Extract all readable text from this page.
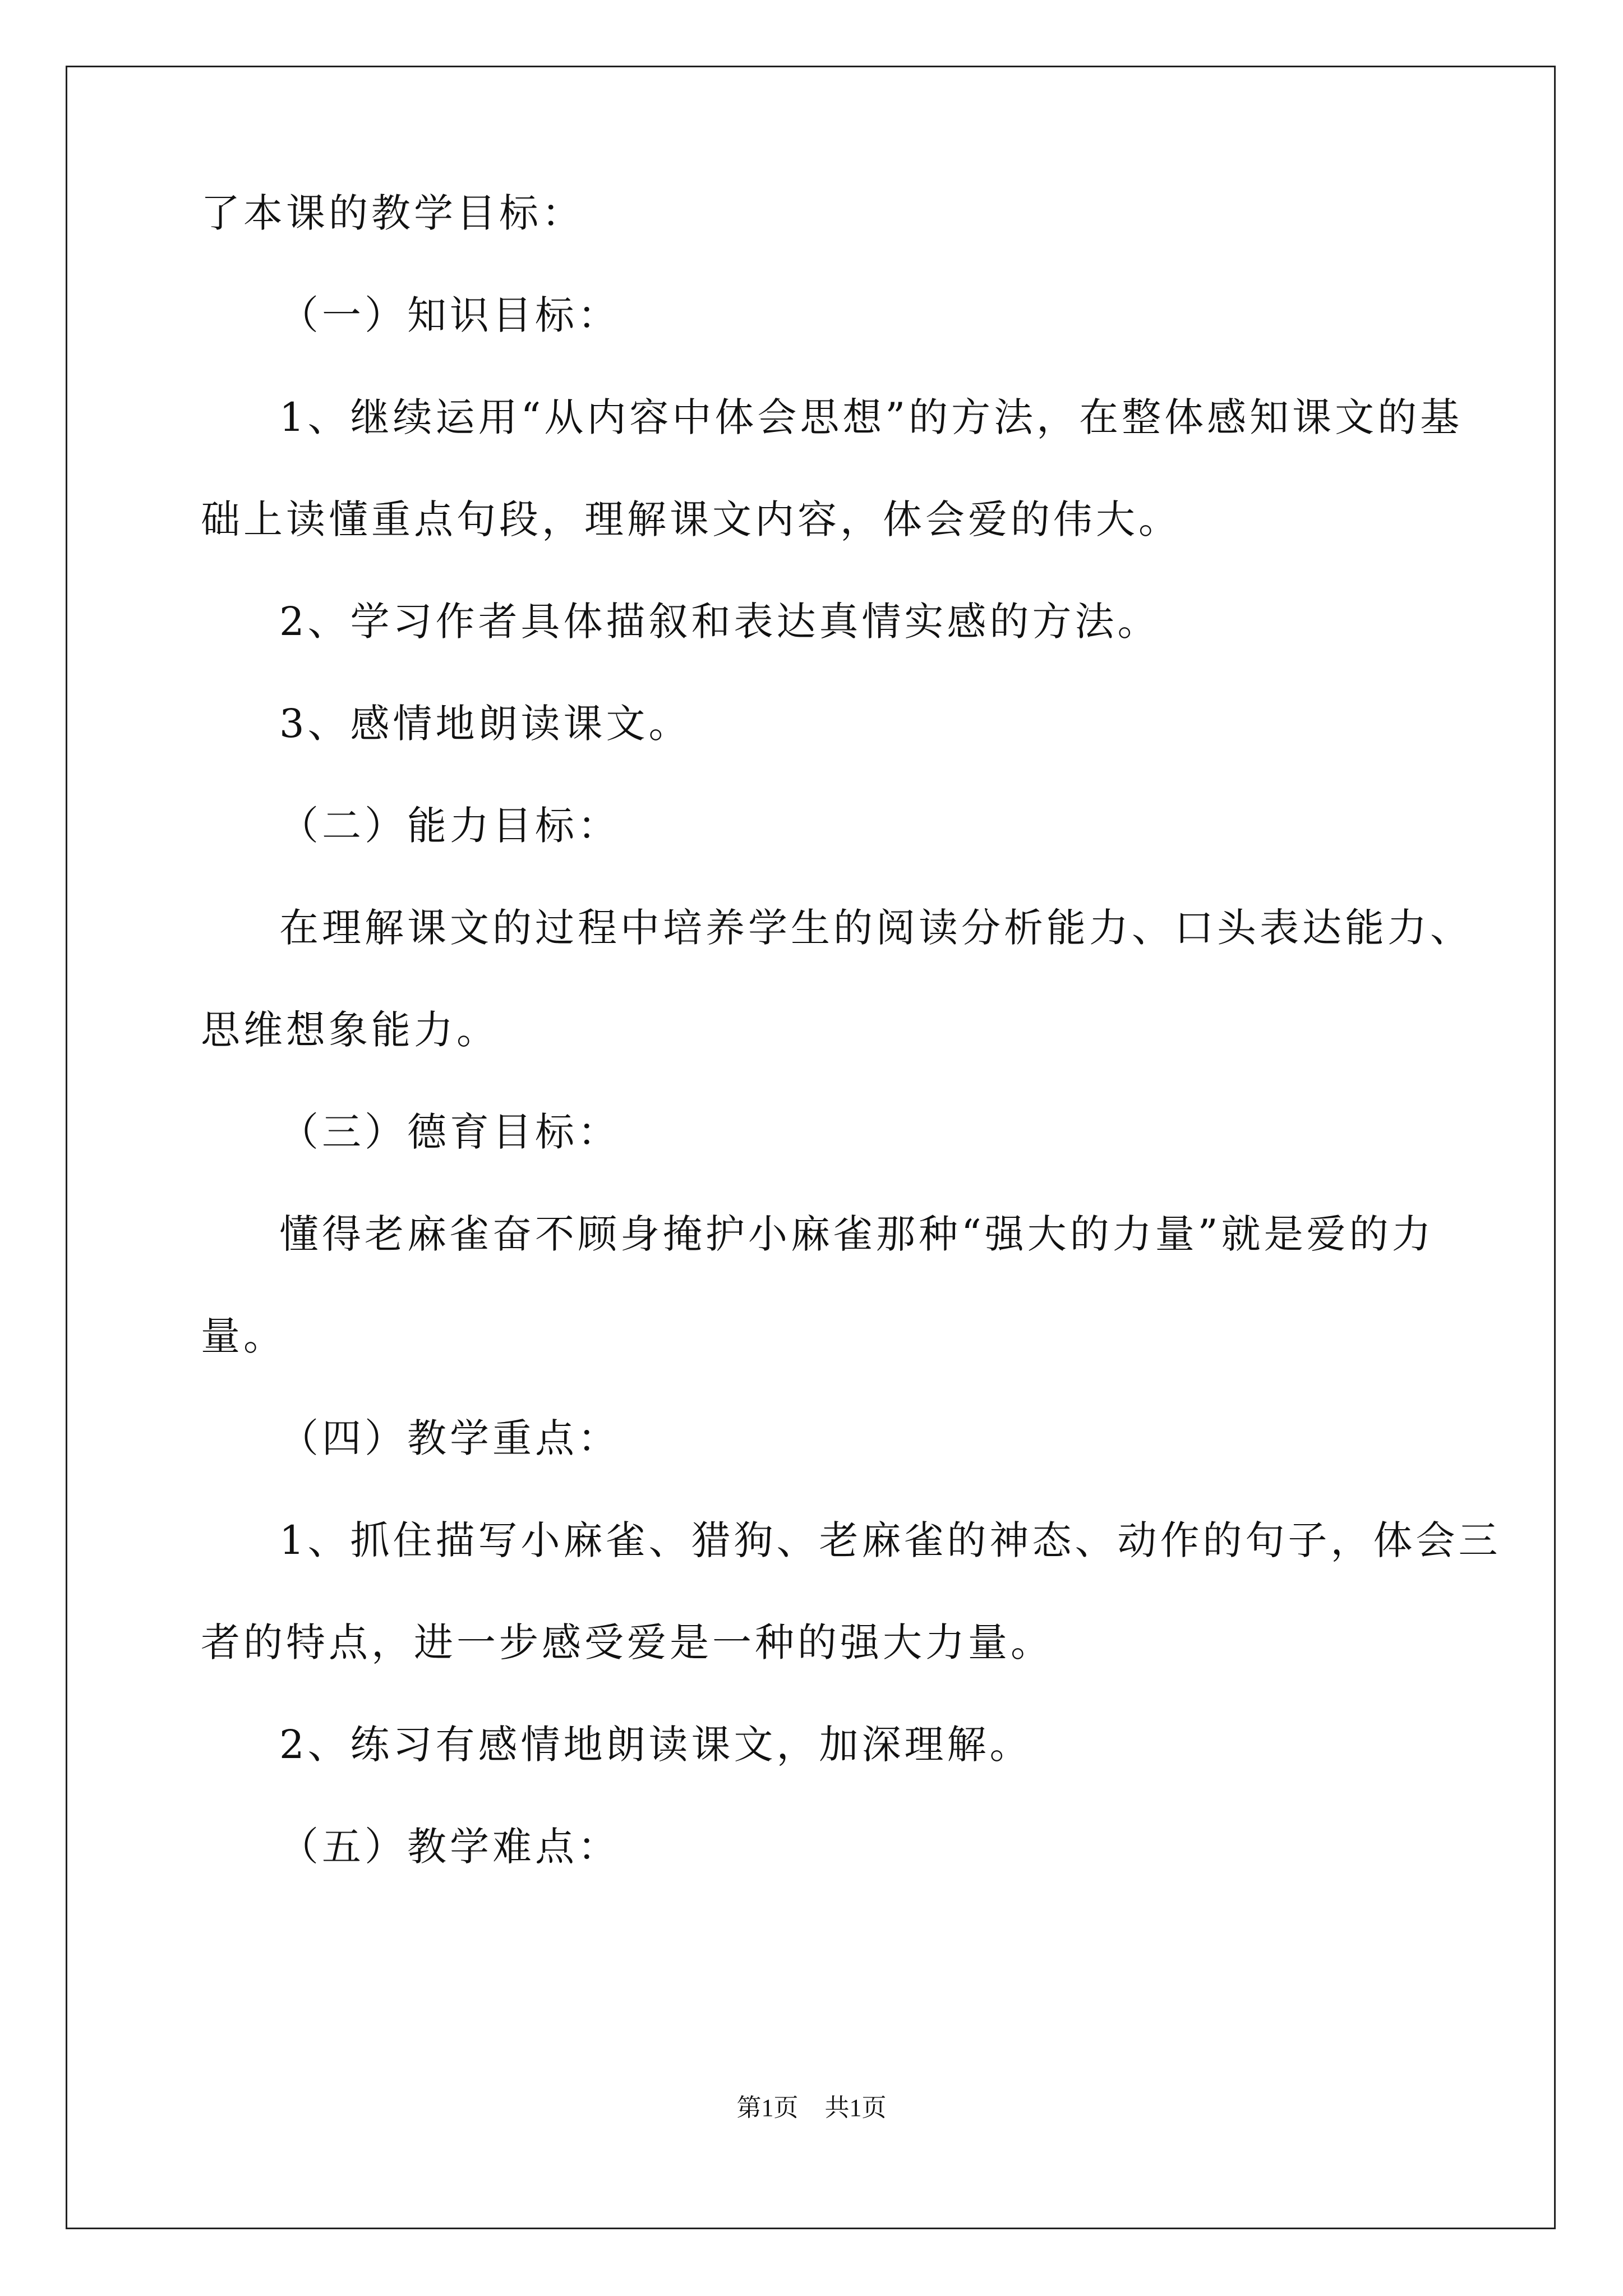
了本课的教学目标：
（一）知识目标：
1、继续运用“从内容中体会思想”的方法，在整体感知课文的基
础上读懂重点句段，理解课文内容，体会爱的伟大。
2、学习作者具体描叙和表达真情实感的方法。
3、感情地朗读课文。
（二）能力目标：
在理解课文的过程中培养学生的阅读分析能力、口头表达能力、
思维想象能力。
（三）德育目标：
懂得老麻雀奋不顾身掩护小麻雀那种“强大的力量”就是爱的力
量。
（四）教学重点：
1、抓住描写小麻雀、猎狗、老麻雀的神态、动作的句子，体会三
者的特点，进一步感受爱是一种的强大力量。
2、练习有感情地朗读课文，加深理解。
（五）教学难点：
第1页 共1页
